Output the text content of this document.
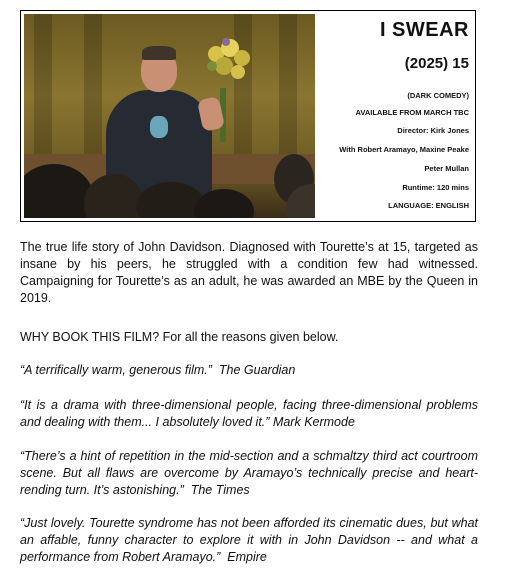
I SWEAR
(2025) 15
(DARK COMEDY)
AVAILABLE FROM MARCH TBC
Director: Kirk Jones
With Robert Aramayo, Maxine Peake
Peter Mullan
Runtime: 120 mins
LANGUAGE: ENGLISH

The true life story of John Davidson. Diagnosed with Tourette’s at 15, targeted as insane by his peers, he struggled with a condition few had witnessed. Campaigning for Tourette’s as an adult, he was awarded an MBE by the Queen in 2019.

WHY BOOK THIS FILM? For all the reasons given below.

“A terrifically warm, generous film.” The Guardian

“It is a drama with three-dimensional people, facing three-dimensional problems and dealing with them... I absolutely loved it.” Mark Kermode

“There’s a hint of repetition in the mid-section and a schmaltzy third act courtroom scene. But all flaws are overcome by Aramayo’s technically precise and heart-rending turn. It’s astonishing.” The Times

“Just lovely. Tourette syndrome has not been afforded its cinematic dues, but what an affable, funny character to explore it with in John Davidson -- and what a performance from Robert Aramayo.” Empire
